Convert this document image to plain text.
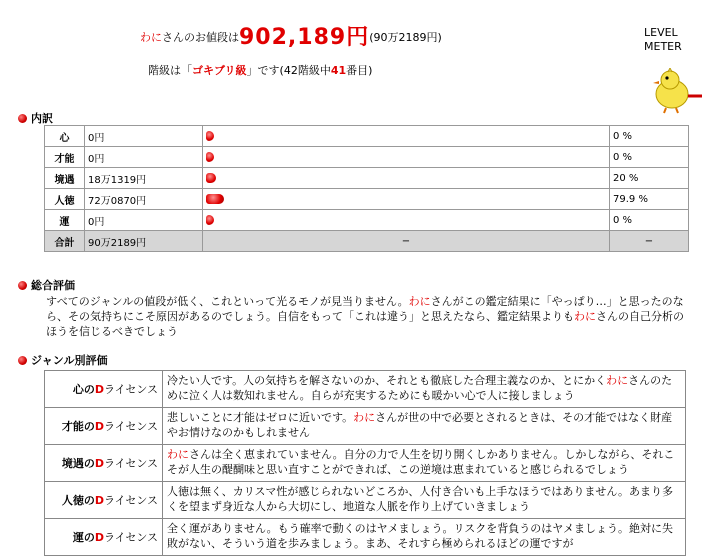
わにさんのお値段は902,189円(90万2189円)
階級は「ゴキブリ級」です(42階級中41番目)
LEVEL
METER
内訳
心	0円		0 %
才能	0円		0 %
境遇	18万1319円		20 %
人徳	72万0870円		79.9 %
運	0円		0 %
合計	90万2189円	−	−
総合評価
すべてのジャンルの値段が低く、これといって光るモノが見当りません。わにさんがこの鑑定結果に「やっぱり…」と思ったのなら、その気持ちにこそ原因があるのでしょう。自信をもって「これは違う」と思えたなら、鑑定結果よりもわにさんの自己分析のほうを信じるべきでしょう
ジャンル別評価
心のDライセンス	冷たい人です。人の気持ちを解さないのか、それとも徹底した合理主義なのか、とにかくわにさんのために泣く人は数知れません。自らが充実するためにも暖かい心で人に接しましょう
才能のDライセンス	悲しいことに才能はゼロに近いです。わにさんが世の中で必要とされるときは、その才能ではなく財産やお情けなのかもしれません
境遇のDライセンス	わにさんは全く恵まれていません。自分の力で人生を切り開くしかありません。しかしながら、それこそが人生の醍醐味と思い直すことができれば、この逆境は恵まれていると感じられるでしょう
人徳のDライセンス	人徳は無く、カリスマ性が感じられないどころか、人付き合いも上手なほうではありません。あまり多くを望まず身近な人から大切にし、地道な人脈を作り上げていきましょう
運のDライセンス	全く運がありません。もう確率で動くのはヤメましょう。リスクを背負うのはヤメましょう。絶対に失敗がない、そういう道を歩みましょう。まあ、それすら極められるほどの運ですが
